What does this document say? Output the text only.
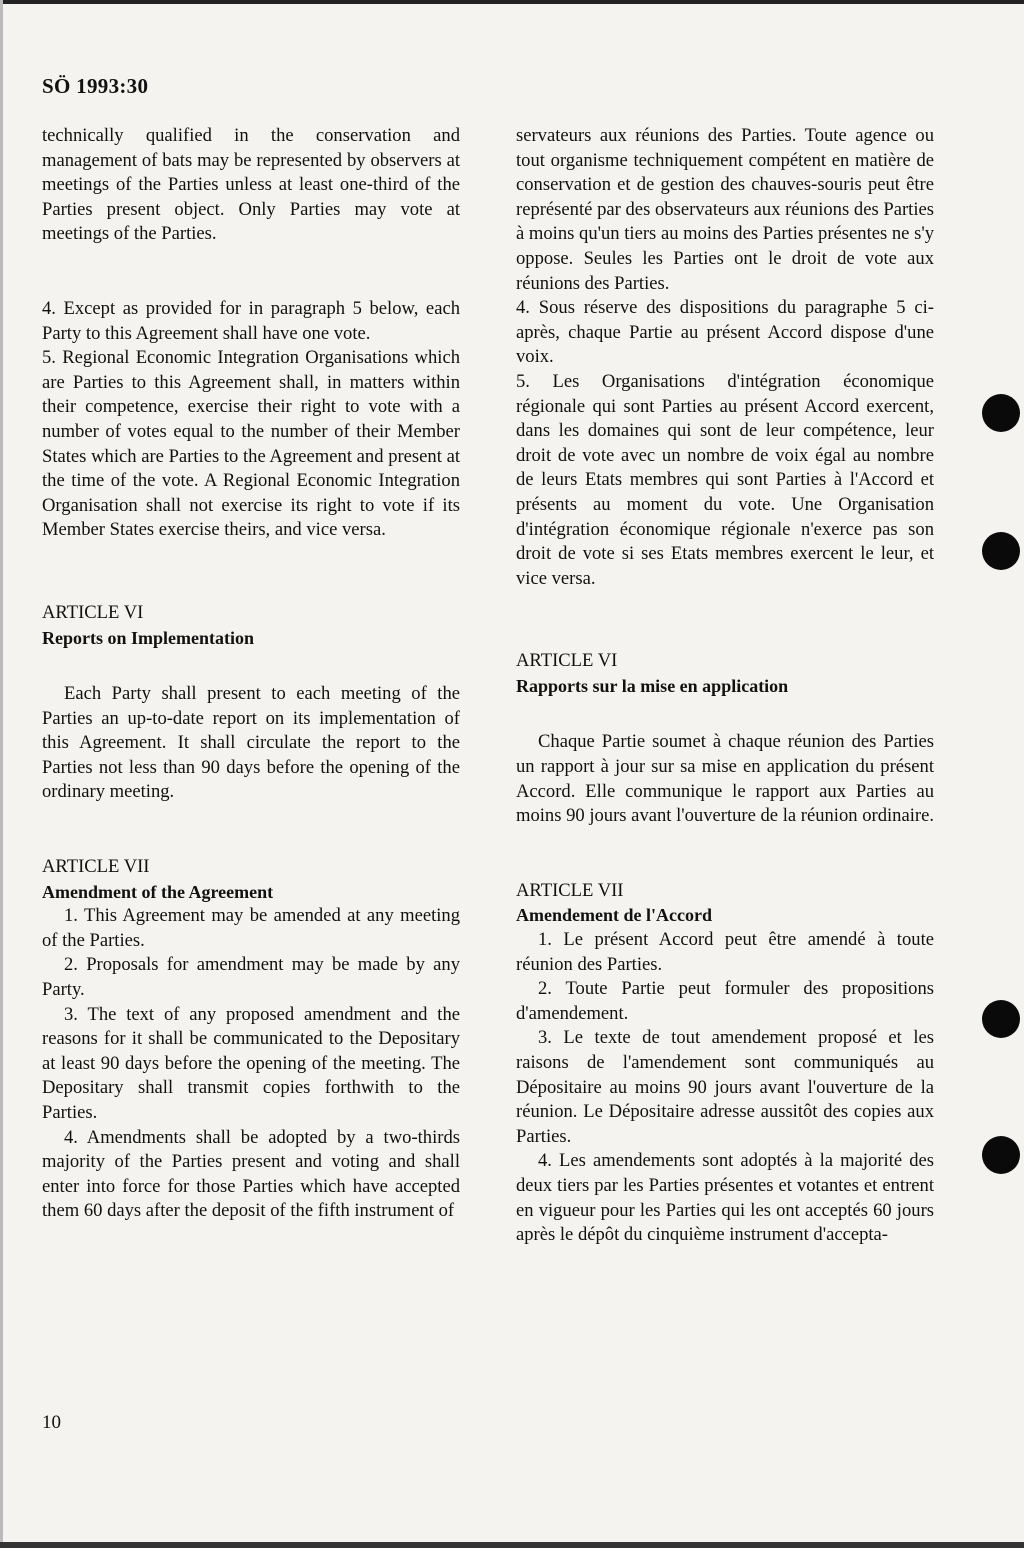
SÖ 1993:30

technically qualified in the conservation and management of bats may be represented by observers at meetings of the Parties unless at least one-third of the Parties present object. Only Parties may vote at meetings of the Parties.

4. Except as provided for in paragraph 5 below, each Party to this Agreement shall have one vote.

5. Regional Economic Integration Organisations which are Parties to this Agreement shall, in matters within their competence, exercise their right to vote with a number of votes equal to the number of their Member States which are Parties to the Agreement and present at the time of the vote. A Regional Economic Integration Organisation shall not exercise its right to vote if its Member States exercise theirs, and vice versa.

ARTICLE VI

Reports on Implementation

Each Party shall present to each meeting of the Parties an up-to-date report on its implementation of this Agreement. It shall circulate the report to the Parties not less than 90 days before the opening of the ordinary meeting.

ARTICLE VII

Amendment of the Agreement

1. This Agreement may be amended at any meeting of the Parties.

2. Proposals for amendment may be made by any Party.

3. The text of any proposed amendment and the reasons for it shall be communicated to the Depositary at least 90 days before the opening of the meeting. The Depositary shall transmit copies forthwith to the Parties.

4. Amendments shall be adopted by a two-thirds majority of the Parties present and voting and shall enter into force for those Parties which have accepted them 60 days after the deposit of the fifth instrument of

servateurs aux réunions des Parties. Toute agence ou tout organisme techniquement compétent en matière de conservation et de gestion des chauves-souris peut être représenté par des observateurs aux réunions des Parties à moins qu'un tiers au moins des Parties présentes ne s'y oppose. Seules les Parties ont le droit de vote aux réunions des Parties.

4. Sous réserve des dispositions du paragraphe 5 ci-après, chaque Partie au présent Accord dispose d'une voix.

5. Les Organisations d'intégration économique régionale qui sont Parties au présent Accord exercent, dans les domaines qui sont de leur compétence, leur droit de vote avec un nombre de voix égal au nombre de leurs Etats membres qui sont Parties à l'Accord et présents au moment du vote. Une Organisation d'intégration économique régionale n'exerce pas son droit de vote si ses Etats membres exercent le leur, et vice versa.

ARTICLE VI

Rapports sur la mise en application

Chaque Partie soumet à chaque réunion des Parties un rapport à jour sur sa mise en application du présent Accord. Elle communique le rapport aux Parties au moins 90 jours avant l'ouverture de la réunion ordinaire.

ARTICLE VII

Amendement de l'Accord

1. Le présent Accord peut être amendé à toute réunion des Parties.

2. Toute Partie peut formuler des propositions d'amendement.

3. Le texte de tout amendement proposé et les raisons de l'amendement sont communiqués au Dépositaire au moins 90 jours avant l'ouverture de la réunion. Le Dépositaire adresse aussitôt des copies aux Parties.

4. Les amendements sont adoptés à la majorité des deux tiers par les Parties présentes et votantes et entrent en vigueur pour les Parties qui les ont acceptés 60 jours après le dépôt du cinquième instrument d'accepta-

10
